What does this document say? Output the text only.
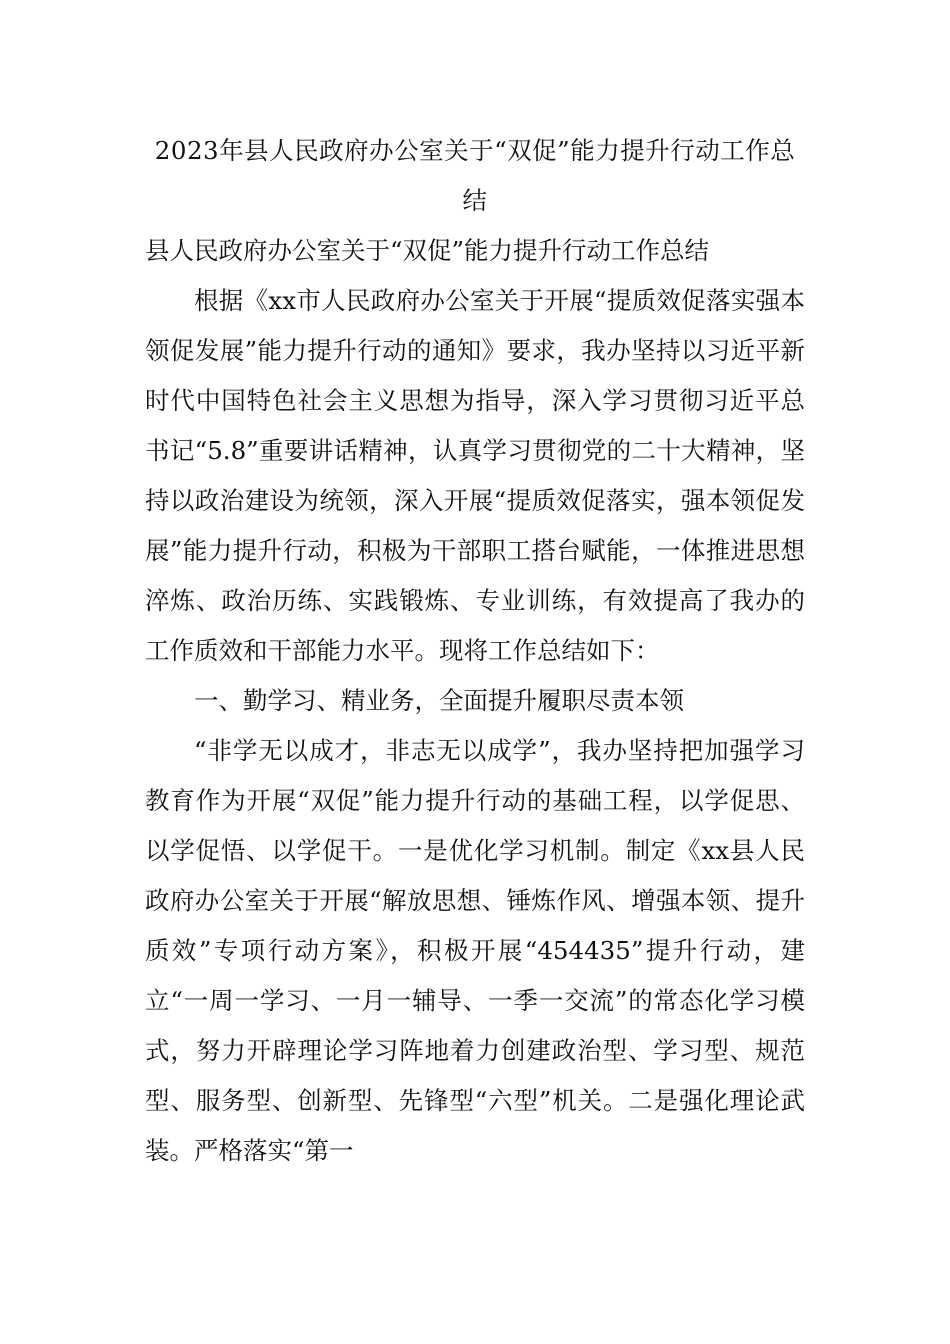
2023年县人民政府办公室关于“双促”能力提升行动工作总结

县人民政府办公室关于“双促”能力提升行动工作总结

根据《xx市人民政府办公室关于开展“提质效促落实强本领促发展”能力提升行动的通知》要求，我办坚持以习近平新时代中国特色社会主义思想为指导，深入学习贯彻习近平总书记“5.8”重要讲话精神，认真学习贯彻党的二十大精神，坚持以政治建设为统领，深入开展“提质效促落实，强本领促发展”能力提升行动，积极为干部职工搭台赋能，一体推进思想淬炼、政治历练、实践锻炼、专业训练，有效提高了我办的工作质效和干部能力水平。现将工作总结如下：

一、勤学习、精业务，全面提升履职尽责本领

“非学无以成才，非志无以成学”，我办坚持把加强学习教育作为开展“双促”能力提升行动的基础工程，以学促思、以学促悟、以学促干。一是优化学习机制。制定《xx县人民政府办公室关于开展“解放思想、锤炼作风、增强本领、提升质效”专项行动方案》，积极开展“454435”提升行动，建立“一周一学习、一月一辅导、一季一交流”的常态化学习模式，努力开辟理论学习阵地着力创建政治型、学习型、规范型、服务型、创新型、先锋型“六型”机关。二是强化理论武装。严格落实“第一
